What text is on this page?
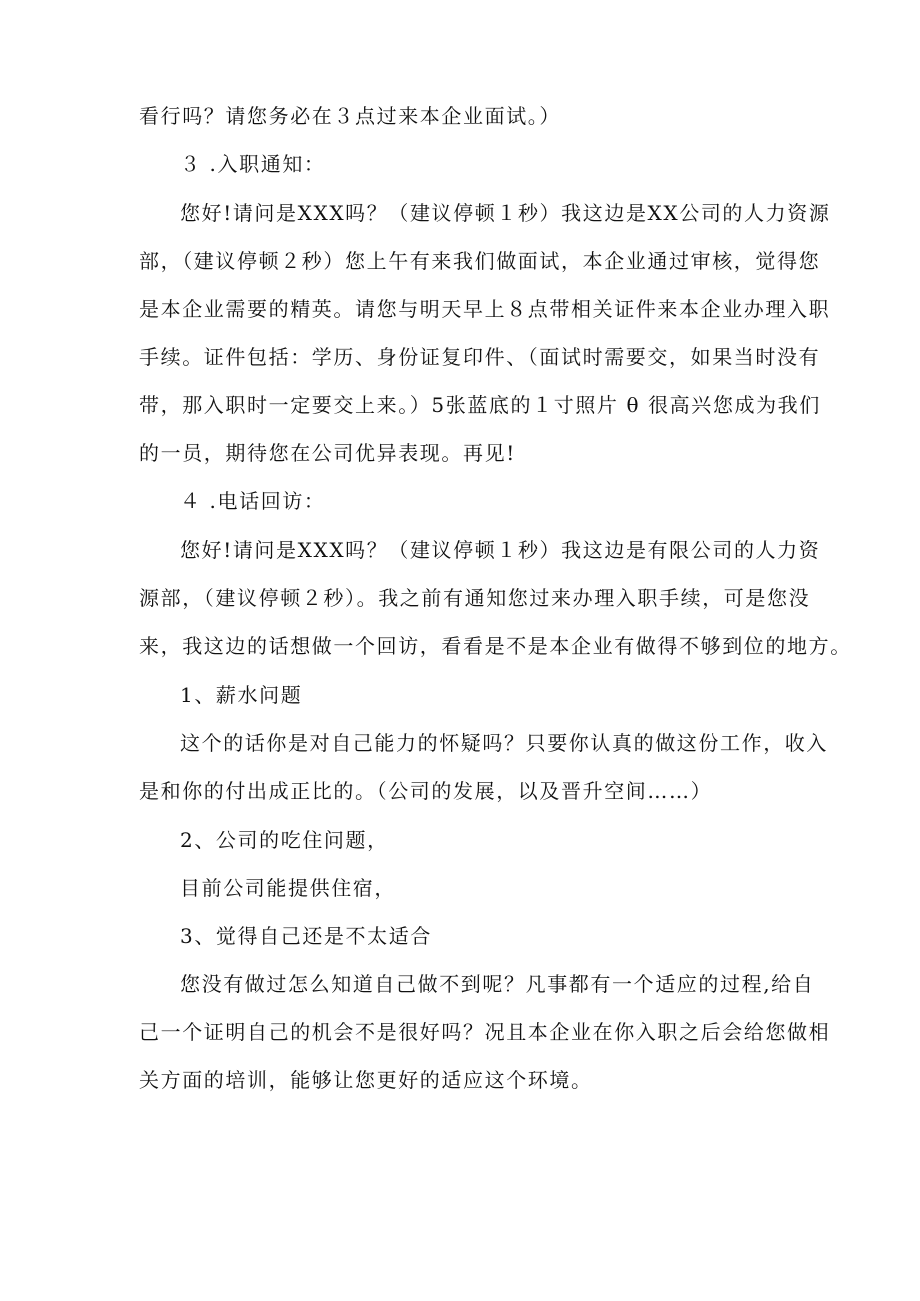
看行吗？请您务必在３点过来本企业面试。）
３ .入职通知：
您好!请问是XXX吗？（建议停顿１秒）我这边是XX公司的人力资源
部，（建议停顿２秒）您上午有来我们做面试，本企业通过审核，觉得您
是本企业需要的精英。请您与明天早上８点带相关证件来本企业办理入职
手续。证件包括：学历、身份证复印件、（面试时需要交，如果当时没有
带，那入职时一定要交上来。）5张蓝底的１寸照片 θ 很高兴您成为我们
的一员，期待您在公司优异表现。再见!
４ .电话回访：
您好!请问是XXX吗？（建议停顿１秒）我这边是有限公司的人力资
源部，（建议停顿２秒）。我之前有通知您过来办理入职手续，可是您没
来，我这边的话想做一个回访，看看是不是本企业有做得不够到位的地方。
1、薪水问题
这个的话你是对自己能力的怀疑吗？只要你认真的做这份工作，收入
是和你的付出成正比的。（公司的发展，以及晋升空间……）
2、公司的吃住问题，
目前公司能提供住宿，
3、觉得自己还是不太适合
您没有做过怎么知道自己做不到呢？凡事都有一个适应的过程,给自
己一个证明自己的机会不是很好吗？况且本企业在你入职之后会给您做相
关方面的培训，能够让您更好的适应这个环境。
